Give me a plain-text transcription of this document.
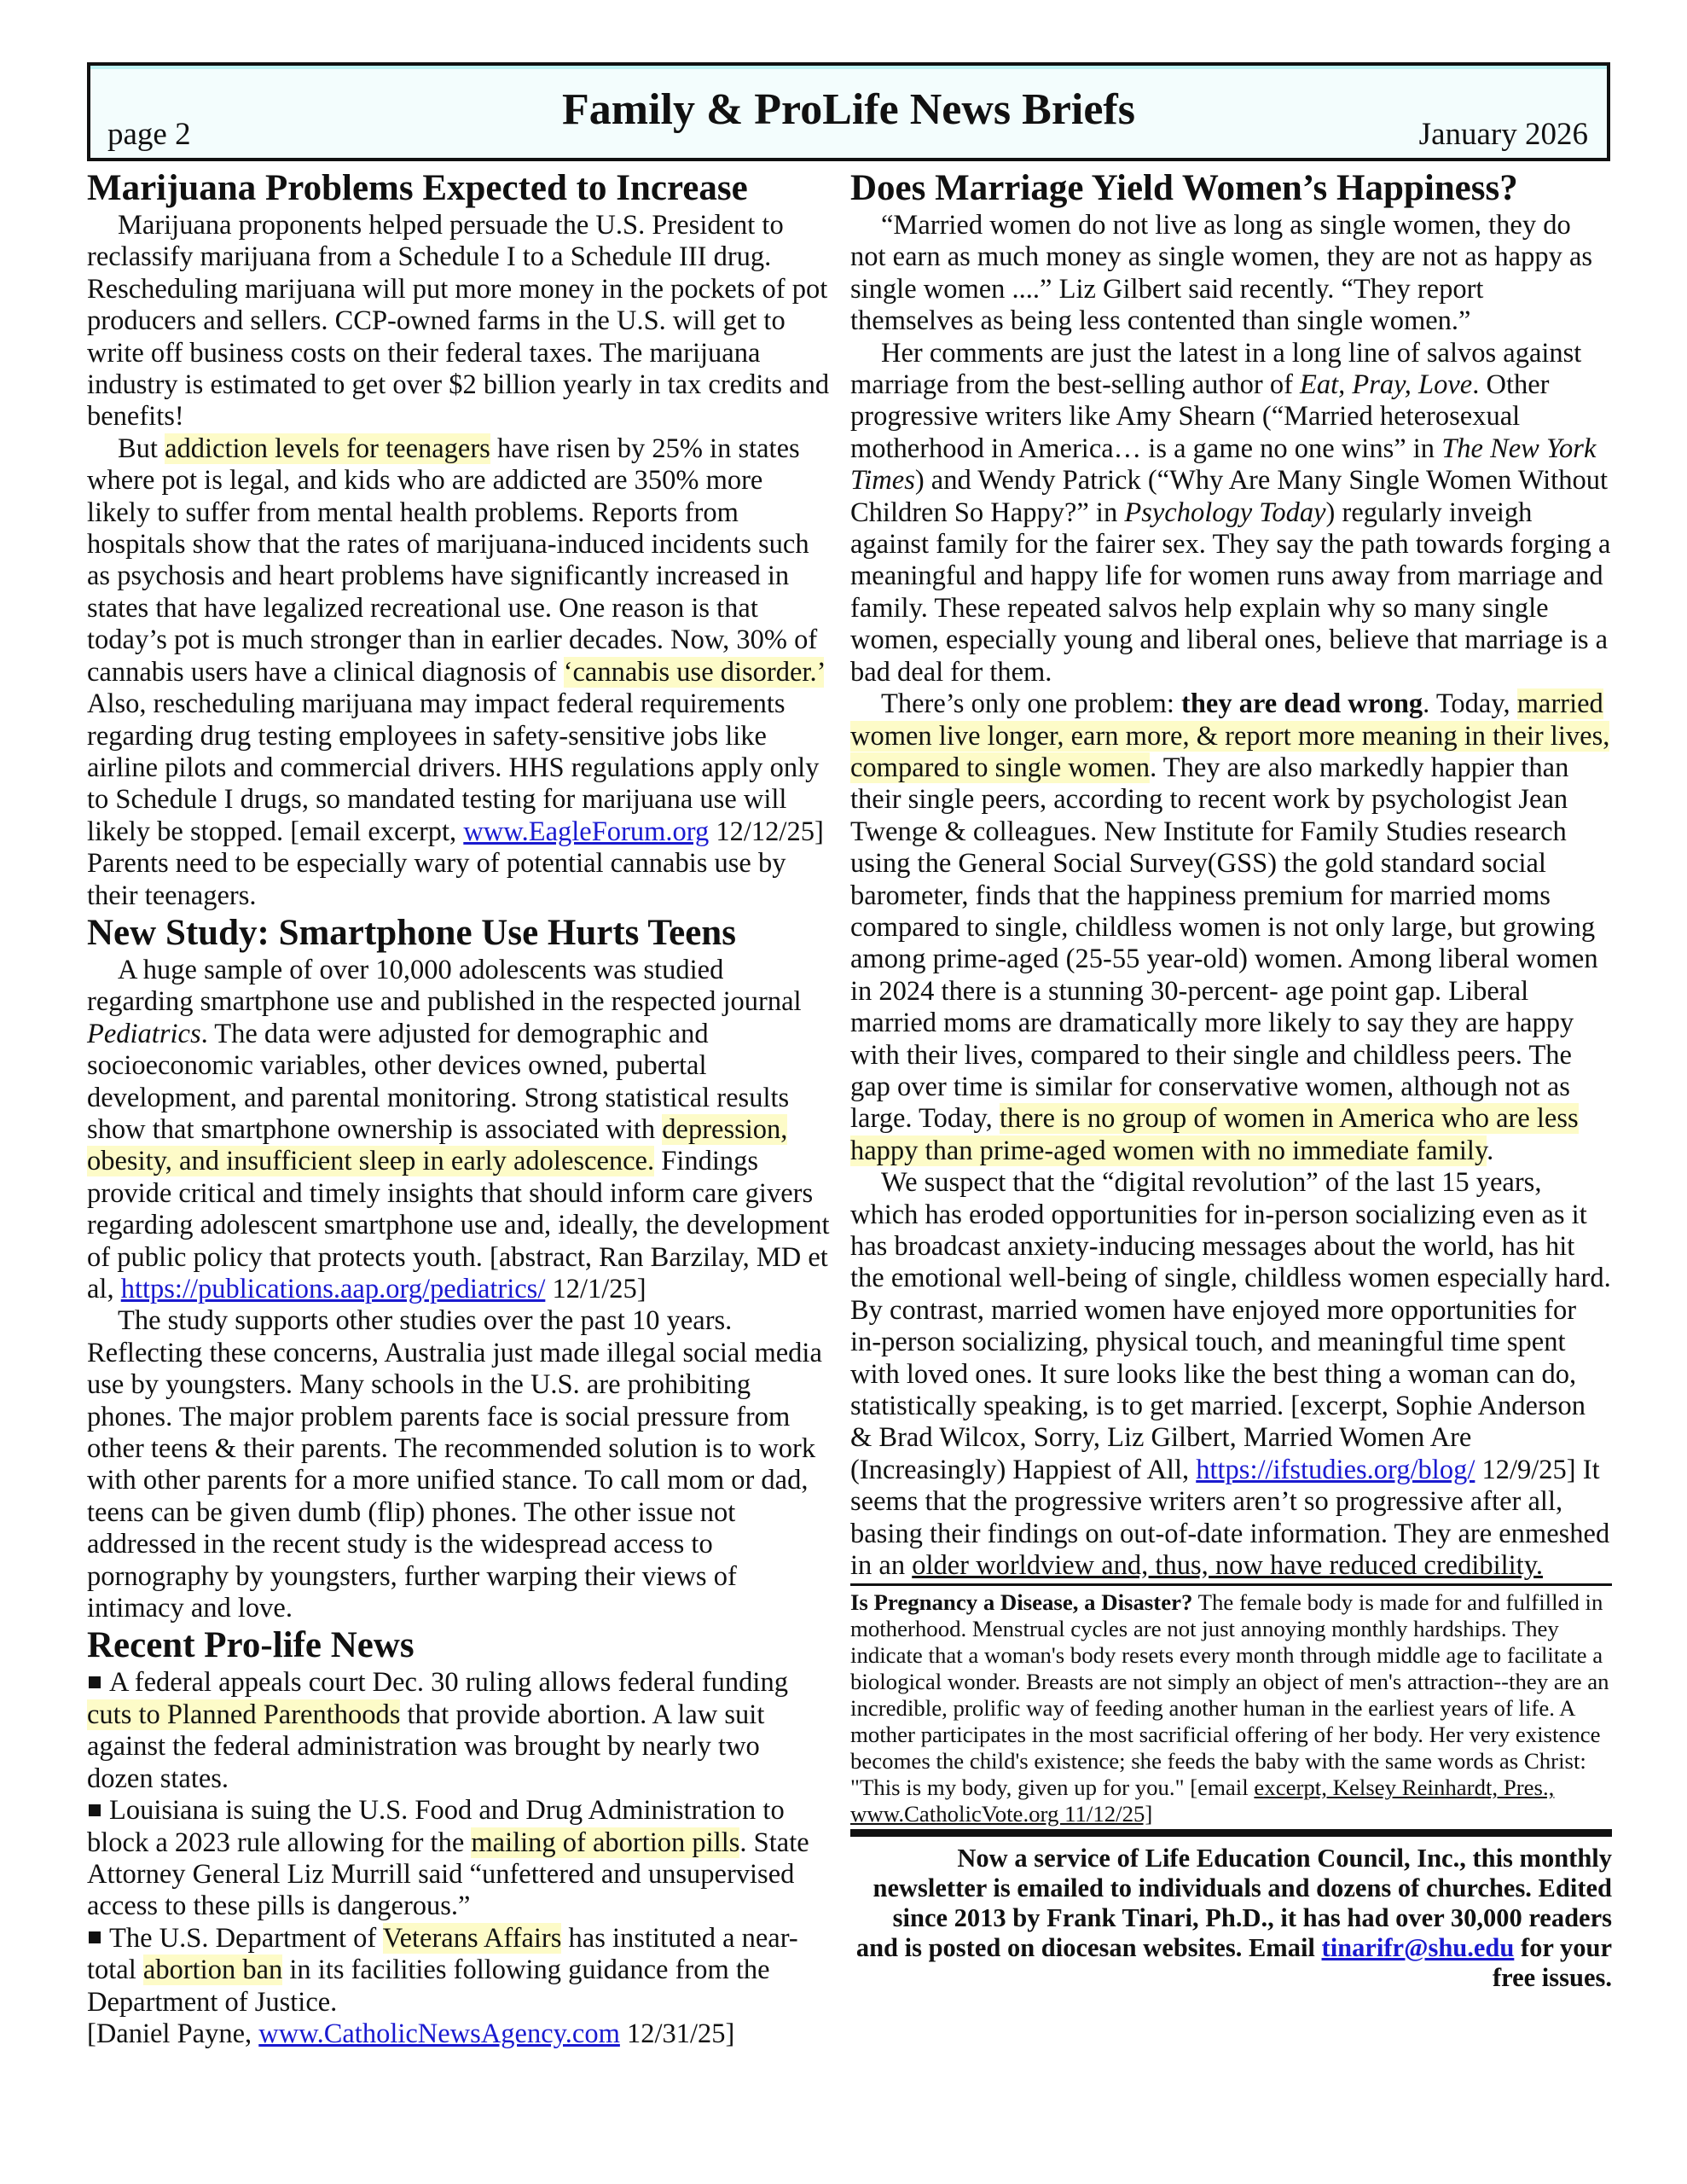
Family & ProLife News Briefs
page 2	January 2026
Marijuana Problems Expected to Increase

Marijuana proponents helped persuade the U.S. President to reclassify marijuana from a Schedule I to a Schedule III drug. Rescheduling marijuana will put more money in the pockets of pot producers and sellers. CCP-owned farms in the U.S. will get to write off business costs on their federal taxes. The marijuana industry is estimated to get over $2 billion yearly in tax credits and benefits!

But addiction levels for teenagers have risen by 25% in states where pot is legal, and kids who are addicted are 350% more likely to suffer from mental health problems. Reports from hospitals show that the rates of marijuana-induced incidents such as psychosis and heart problems have significantly increased in states that have legalized recreational use. One reason is that today’s pot is much stronger than in earlier decades. Now, 30% of cannabis users have a clinical diagnosis of ‘cannabis use disorder.’ Also, rescheduling marijuana may impact federal requirements regarding drug testing employees in safety-sensitive jobs like airline pilots and commercial drivers. HHS regulations apply only to Schedule I drugs, so mandated testing for marijuana use will likely be stopped. [email excerpt, www.EagleForum.org 12/12/25] Parents need to be especially wary of potential cannabis use by their teenagers.

New Study: Smartphone Use Hurts Teens

A huge sample of over 10,000 adolescents was studied regarding smartphone use and published in the respected journal Pediatrics. The data were adjusted for demographic and socioeconomic variables, other devices owned, pubertal development, and parental monitoring. Strong statistical results show that smartphone ownership is associated with depression, obesity, and insufficient sleep in early adolescence. Findings provide critical and timely insights that should inform care givers regarding adolescent smartphone use and, ideally, the development of public policy that protects youth. [abstract, Ran Barzilay, MD et al, https://publications.aap.org/pediatrics/ 12/1/25]

The study supports other studies over the past 10 years. Reflecting these concerns, Australia just made illegal social media use by youngsters. Many schools in the U.S. are prohibiting phones. The major problem parents face is social pressure from other teens & their parents. The recommended solution is to work with other parents for a more unified stance. To call mom or dad, teens can be given dumb (flip) phones. The other issue not addressed in the recent study is the widespread access to pornography by youngsters, further warping their views of intimacy and love.

Recent Pro-life News

A federal appeals court Dec. 30 ruling allows federal funding cuts to Planned Parenthoods that provide abortion. A law suit against the federal administration was brought by nearly two dozen states.

Louisiana is suing the U.S. Food and Drug Administration to block a 2023 rule allowing for the mailing of abortion pills. State Attorney General Liz Murrill said “unfettered and unsupervised access to these pills is dangerous.”

The U.S. Department of Veterans Affairs has instituted a near-total abortion ban in its facilities following guidance from the Department of Justice.

[Daniel Payne, www.CatholicNewsAgency.com 12/31/25]

Does Marriage Yield Women’s Happiness?

“Married women do not live as long as single women, they do not earn as much money as single women, they are not as happy as single women ....” Liz Gilbert said recently. “They report themselves as being less contented than single women.”

Her comments are just the latest in a long line of salvos against marriage from the best-selling author of Eat, Pray, Love. Other progressive writers like Amy Shearn (“Married heterosexual motherhood in America… is a game no one wins” in The New York Times) and Wendy Patrick (“Why Are Many Single Women Without Children So Happy?” in Psychology Today) regularly inveigh against family for the fairer sex. They say the path towards forging a meaningful and happy life for women runs away from marriage and family. These repeated salvos help explain why so many single women, especially young and liberal ones, believe that marriage is a bad deal for them.

There’s only one problem: they are dead wrong. Today, married women live longer, earn more, & report more meaning in their lives, compared to single women. They are also markedly happier than their single peers, according to recent work by psychologist Jean Twenge & colleagues. New Institute for Family Studies research using the General Social Survey(GSS) the gold standard social barometer, finds that the happiness premium for married moms compared to single, childless women is not only large, but growing among prime-aged (25-55 year-old) women. Among liberal women in 2024 there is a stunning 30-percent- age point gap. Liberal married moms are dramatically more likely to say they are happy with their lives, compared to their single and childless peers. The gap over time is similar for conservative women, although not as large. Today, there is no group of women in America who are less happy than prime-aged women with no immediate family.

We suspect that the “digital revolution” of the last 15 years, which has eroded opportunities for in-person socializing even as it has broadcast anxiety-inducing messages about the world, has hit the emotional well-being of single, childless women especially hard. By contrast, married women have enjoyed more opportunities for in-person socializing, physical touch, and meaningful time spent with loved ones. It sure looks like the best thing a woman can do, statistically speaking, is to get married. [excerpt, Sophie Anderson & Brad Wilcox, Sorry, Liz Gilbert, Married Women Are (Increasingly) Happiest of All, https://ifstudies.org/blog/ 12/9/25] It seems that the progressive writers aren’t so progressive after all, basing their findings on out-of-date information. They are enmeshed in an older worldview and, thus, now have reduced credibility.

Is Pregnancy a Disease, a Disaster? The female body is made for and fulfilled in motherhood. Menstrual cycles are not just annoying monthly hardships. They indicate that a woman's body resets every month through middle age to facilitate a biological wonder. Breasts are not simply an object of men's attraction--they are an incredible, prolific way of feeding another human in the earliest years of life. A mother participates in the most sacrificial offering of her body. Her very existence becomes the child's existence; she feeds the baby with the same words as Christ: "This is my body, given up for you." [email excerpt, Kelsey Reinhardt, Pres., www.CatholicVote.org 11/12/25]

Now a service of Life Education Council, Inc., this monthly newsletter is emailed to individuals and dozens of churches. Edited since 2013 by Frank Tinari, Ph.D., it has had over 30,000 readers and is posted on diocesan websites. Email tinarifr@shu.edu for your free issues.
